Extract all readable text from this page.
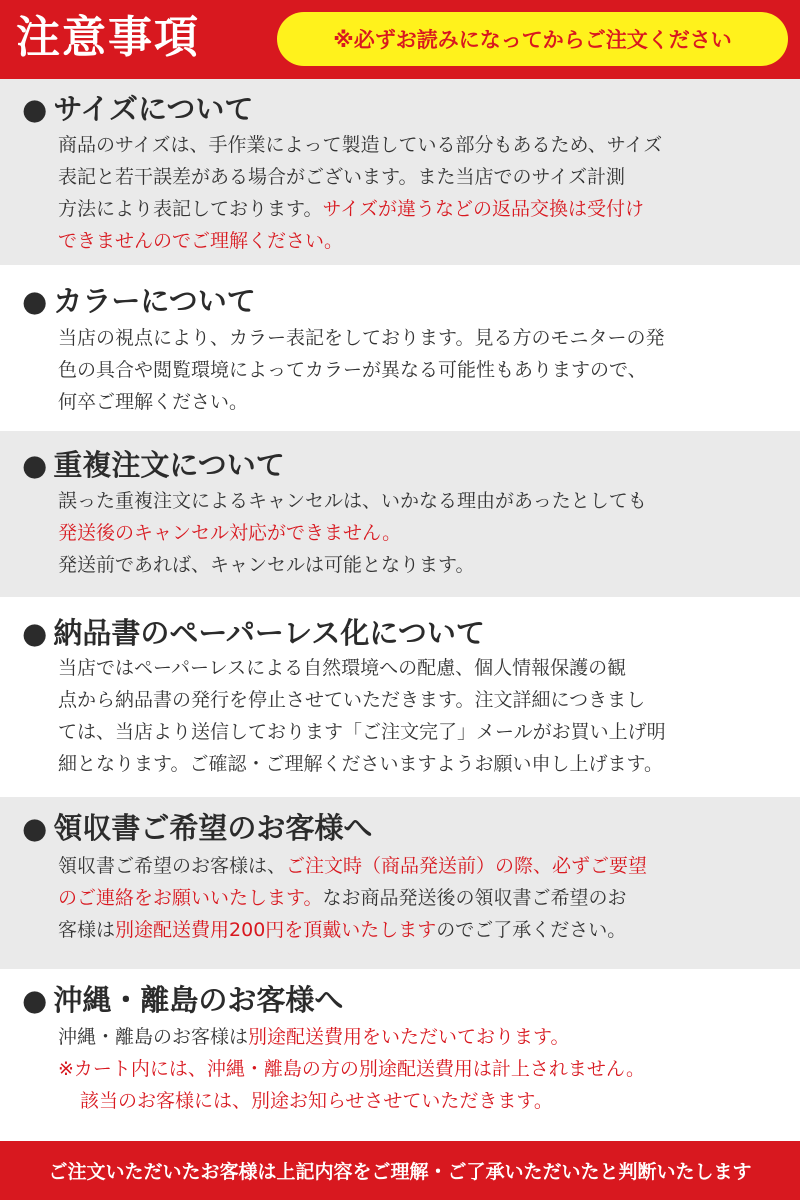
注意事項	※必ずお読みになってからご注文ください
● サイズについて
商品のサイズは、手作業によって製造している部分もあるため、サイズ
表記と若干誤差がある場合がございます。また当店でのサイズ計測
方法により表記しております。サイズが違うなどの返品交換は受付け
できませんのでご理解ください。
● カラーについて
当店の視点により、カラー表記をしております。見る方のモニターの発
色の具合や閲覧環境によってカラーが異なる可能性もありますので、
何卒ご理解ください。
● 重複注文について
誤った重複注文によるキャンセルは、いかなる理由があったとしても
発送後のキャンセル対応ができません。
発送前であれば、キャンセルは可能となります。
● 納品書のペーパーレス化について
当店ではペーパーレスによる自然環境への配慮、個人情報保護の観
点から納品書の発行を停止させていただきます。注文詳細につきまし
ては、当店より送信しております「ご注文完了」メールがお買い上げ明
細となります。ご確認・ご理解くださいますようお願い申し上げます。
● 領収書ご希望のお客様へ
領収書ご希望のお客様は、ご注文時（商品発送前）の際、必ずご要望
のご連絡をお願いいたします。なお商品発送後の領収書ご希望のお
客様は別途配送費用200円を頂戴いたしますのでご了承ください。
● 沖縄・離島のお客様へ
沖縄・離島のお客様は別途配送費用をいただいております。
※カート内には、沖縄・離島の方の別途配送費用は計上されません。
該当のお客様には、別途お知らせさせていただきます。
ご注文いただいたお客様は上記内容をご理解・ご了承いただいたと判断いたします
